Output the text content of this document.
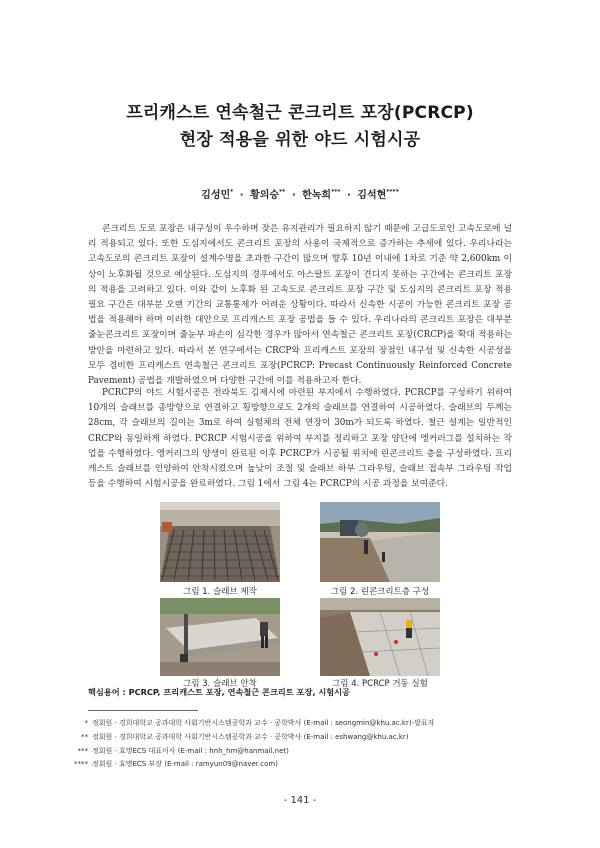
프리캐스트 연속철근 콘크리트 포장(PCRCP)
현장 적용을 위한 야드 시험시공
김성민* · 황의승** · 한녹희*** · 김석현****

콘크리트 도로 포장은 내구성이 우수하며 잦은 유지관리가 필요하지 않기 때문에 고급도로인 고속도로에 널리 적용되고 있다. 또한 도심지에서도 콘크리트 포장의 사용이 국제적으로 증가하는 추세에 있다. 우리나라는 고속도로의 콘크리트 포장이 설계수명을 초과한 구간이 많으며 향후 10년 이내에 1차로 기준 약 2,600km 이상이 노후화될 것으로 예상된다. 도심지의 경우에서도 아스팔트 포장이 견디지 못하는 구간에는 콘크리트 포장의 적용을 고려하고 있다. 이와 같이 노후화 된 고속도로 콘크리트 포장 구간 및 도심지의 콘크리트 포장 적용 필요 구간은 대부분 오랜 기간의 교통통제가 어려운 상황이다. 따라서 신속한 시공이 가능한 콘크리트 포장 공법을 적용해야 하며 이러한 대안으로 프리캐스트 포장 공법을 들 수 있다. 우리나라의 콘크리트 포장은 대부분 줄눈콘크리트 포장이며 줄눈부 파손이 심각한 경우가 많아서 연속철근 콘크리트 포장(CRCP)을 확대 적용하는 방안을 마련하고 있다. 따라서 본 연구에서는 CRCP와 프리캐스트 포장의 장점인 내구성 및 신속한 시공성을 모두 겸비한 프리캐스트 연속철근 콘크리트 포장(PCRCP: Precast Continuously Reinforced Concrete Pavement) 공법을 개발하였으며 다양한 구간에 이를 적용하고자 한다.

PCRCP의 야드 시험시공은 전라북도 김제시에 마련된 부지에서 수행하였다. PCRCP를 구성하기 위하여 10개의 슬래브를 종방향으로 연결하고 횡방향으로도 2개의 슬래브를 연결하여 시공하였다. 슬래브의 두께는 28cm, 각 슬래브의 길이는 3m로 하여 실험체의 전체 연장이 30m가 되도록 하였다. 철근 설계는 일반적인 CRCP와 동일하게 하였다. PCRCP 시험시공을 위하여 부지를 정리하고 포장 양단에 앵커러그를 설치하는 작업을 수행하였다. 앵커러그의 양생이 완료된 이후 PCRCP가 시공될 위치에 린콘크리트 층을 구성하였다. 프리캐스트 슬래브를 인양하여 안착시켰으며 높낮이 조절 및 슬래브 하부 그라우팅, 슬래브 접속부 그라우팅 작업 등을 수행하여 시험시공을 완료하였다. 그림 1에서 그림 4는 PCRCP의 시공 과정을 보여준다.

그림 1. 슬래브 제작	그림 2. 린콘크리트층 구성
그림 3. 슬래브 안착	그림 4. PCRCP 거동 실험
핵심용어 : PCRCP, 프리캐스트 포장, 연속철근 콘크리트 포장, 시험시공
* 정회원 · 경희대학교 공과대학 사회기반시스템공학과 교수 · 공학박사 (E-mail : seongmin@khu.ac.kr)-발표자
** 정회원 · 경희대학교 공과대학 사회기반시스템공학과 교수 · 공학박사 (E-mail : eshwang@khu.ac.kr)
*** 정회원 · 효명ECS 대표이사 (E-mail : hnh_hm@hanmail.net)
**** 정회원 · 효명ECS 부장 (E-mail : ramyun09@naver.com)
- 141 -
